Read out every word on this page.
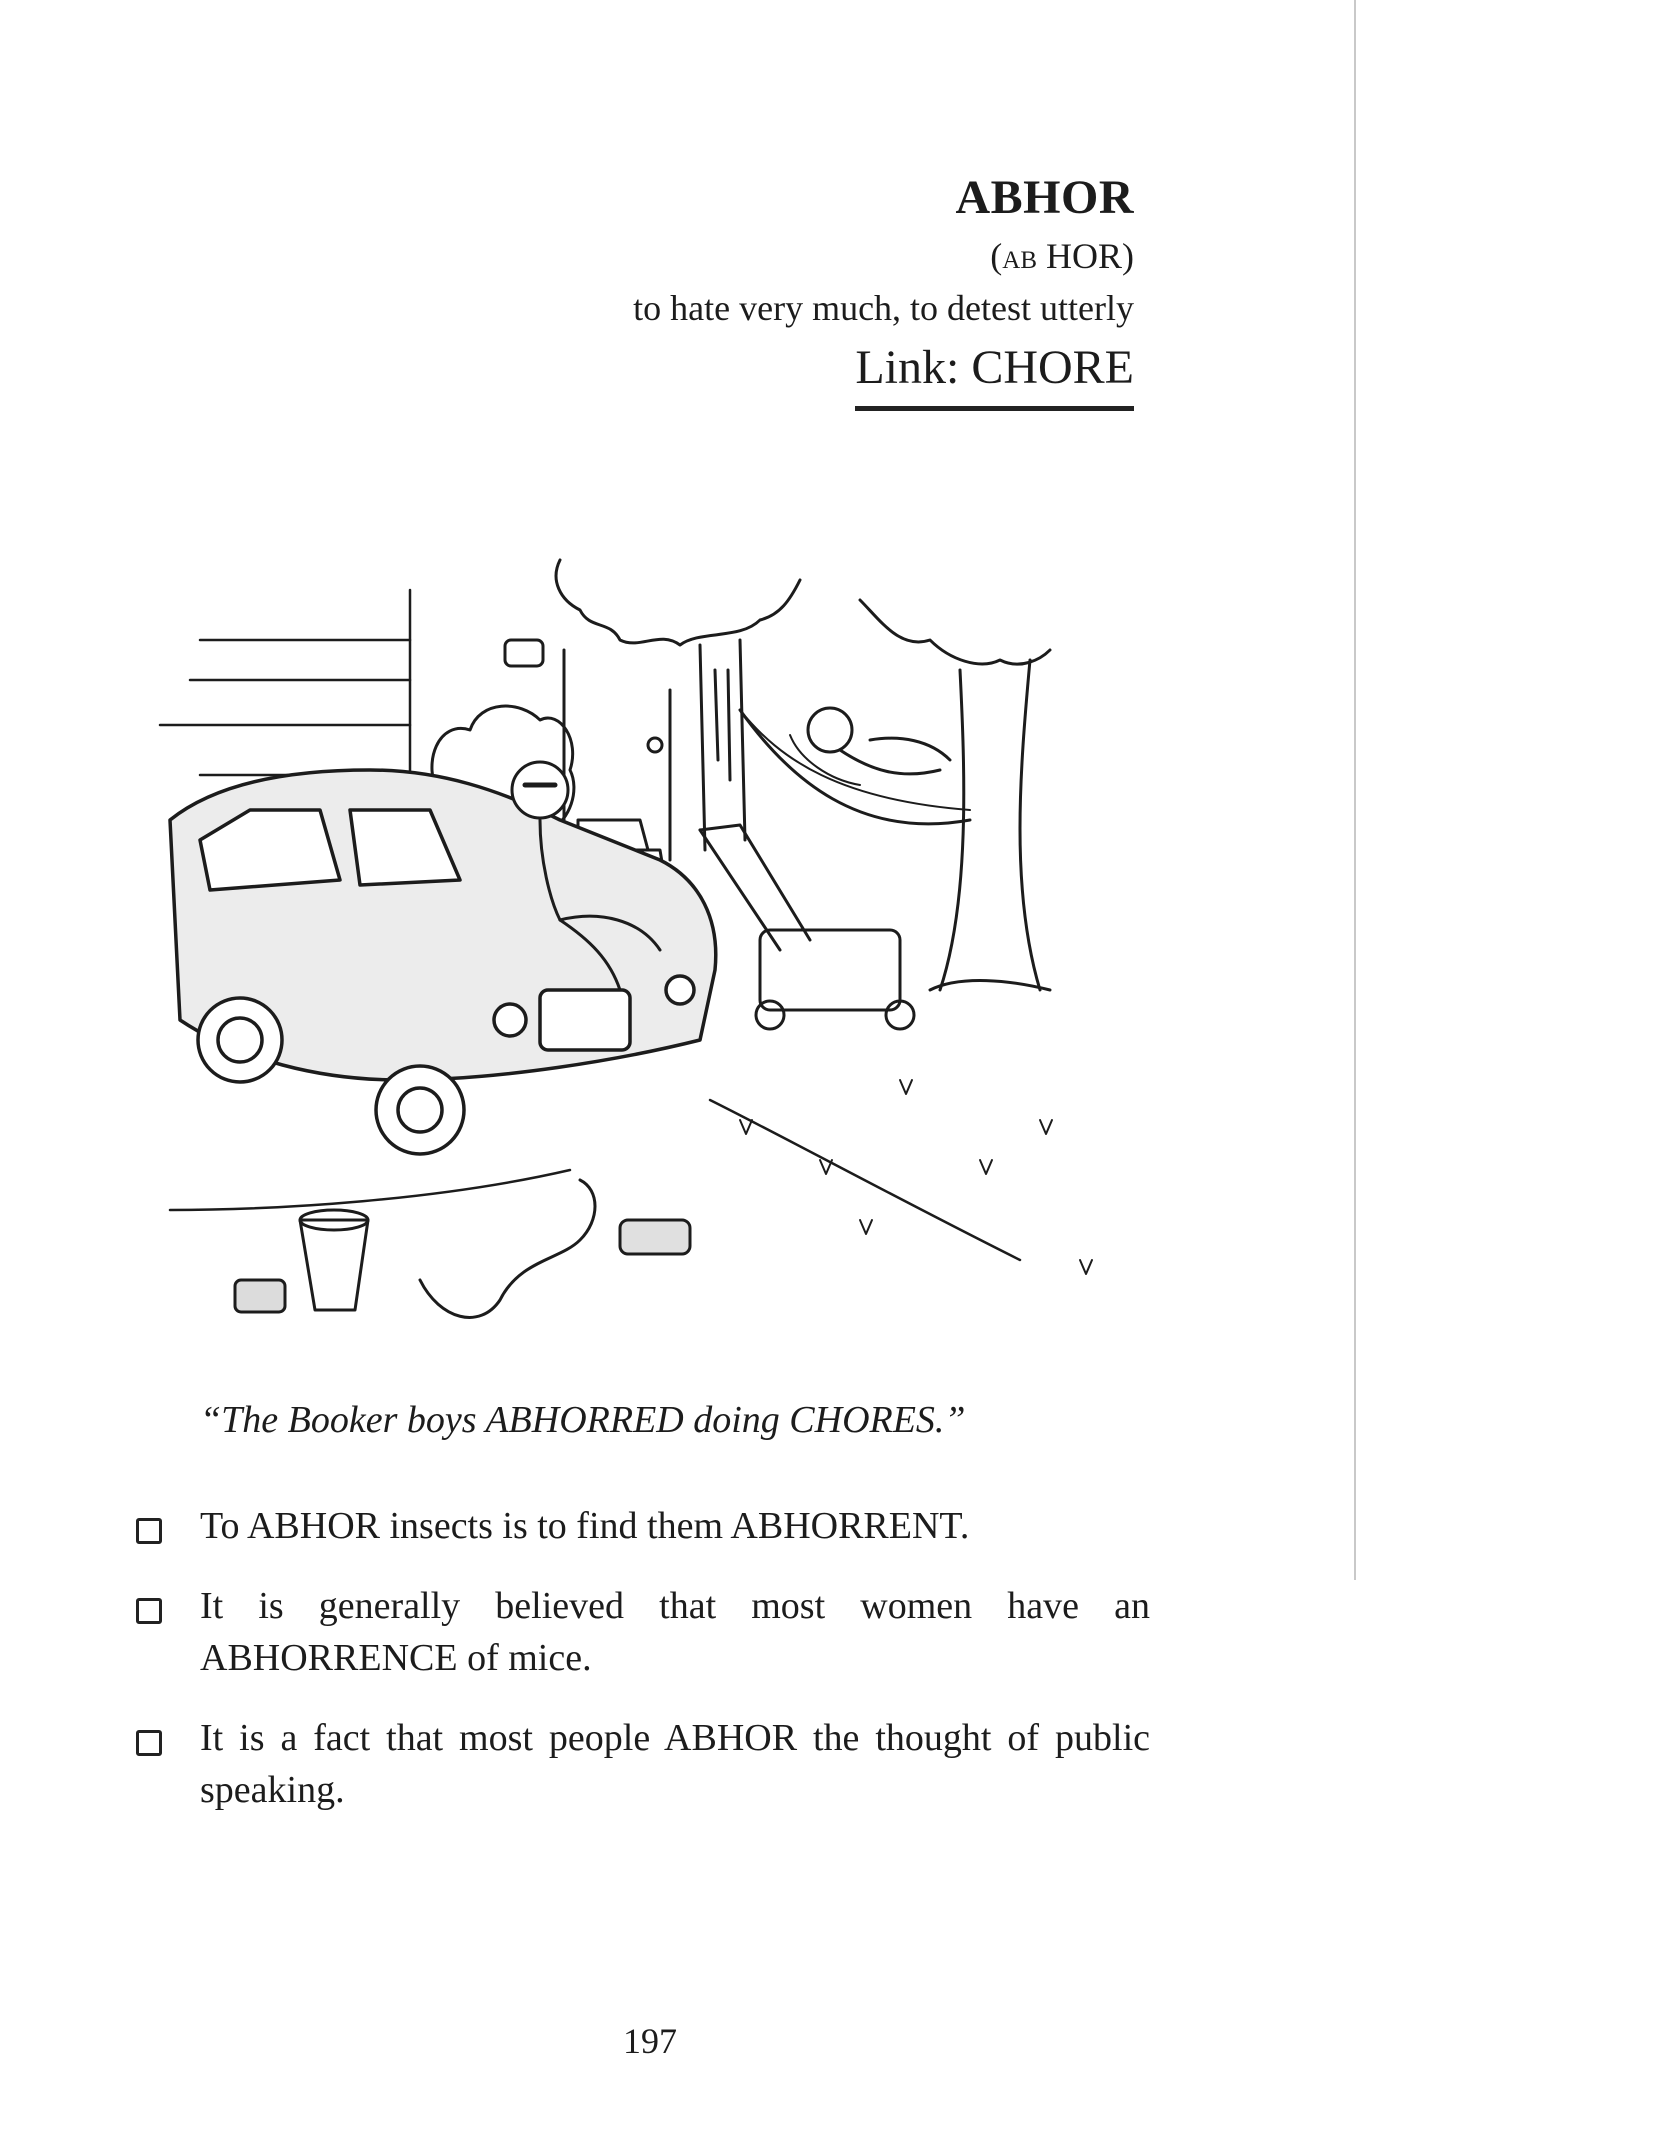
ABHOR
(ab HOR)
to hate very much, to detest utterly
Link: CHORE
“The Booker boys ABHORRED doing CHORES.”
To ABHOR insects is to find them ABHORRENT.
It is generally believed that most women have an ABHORRENCE of mice.
It is a fact that most people ABHOR the thought of public speaking.
197
